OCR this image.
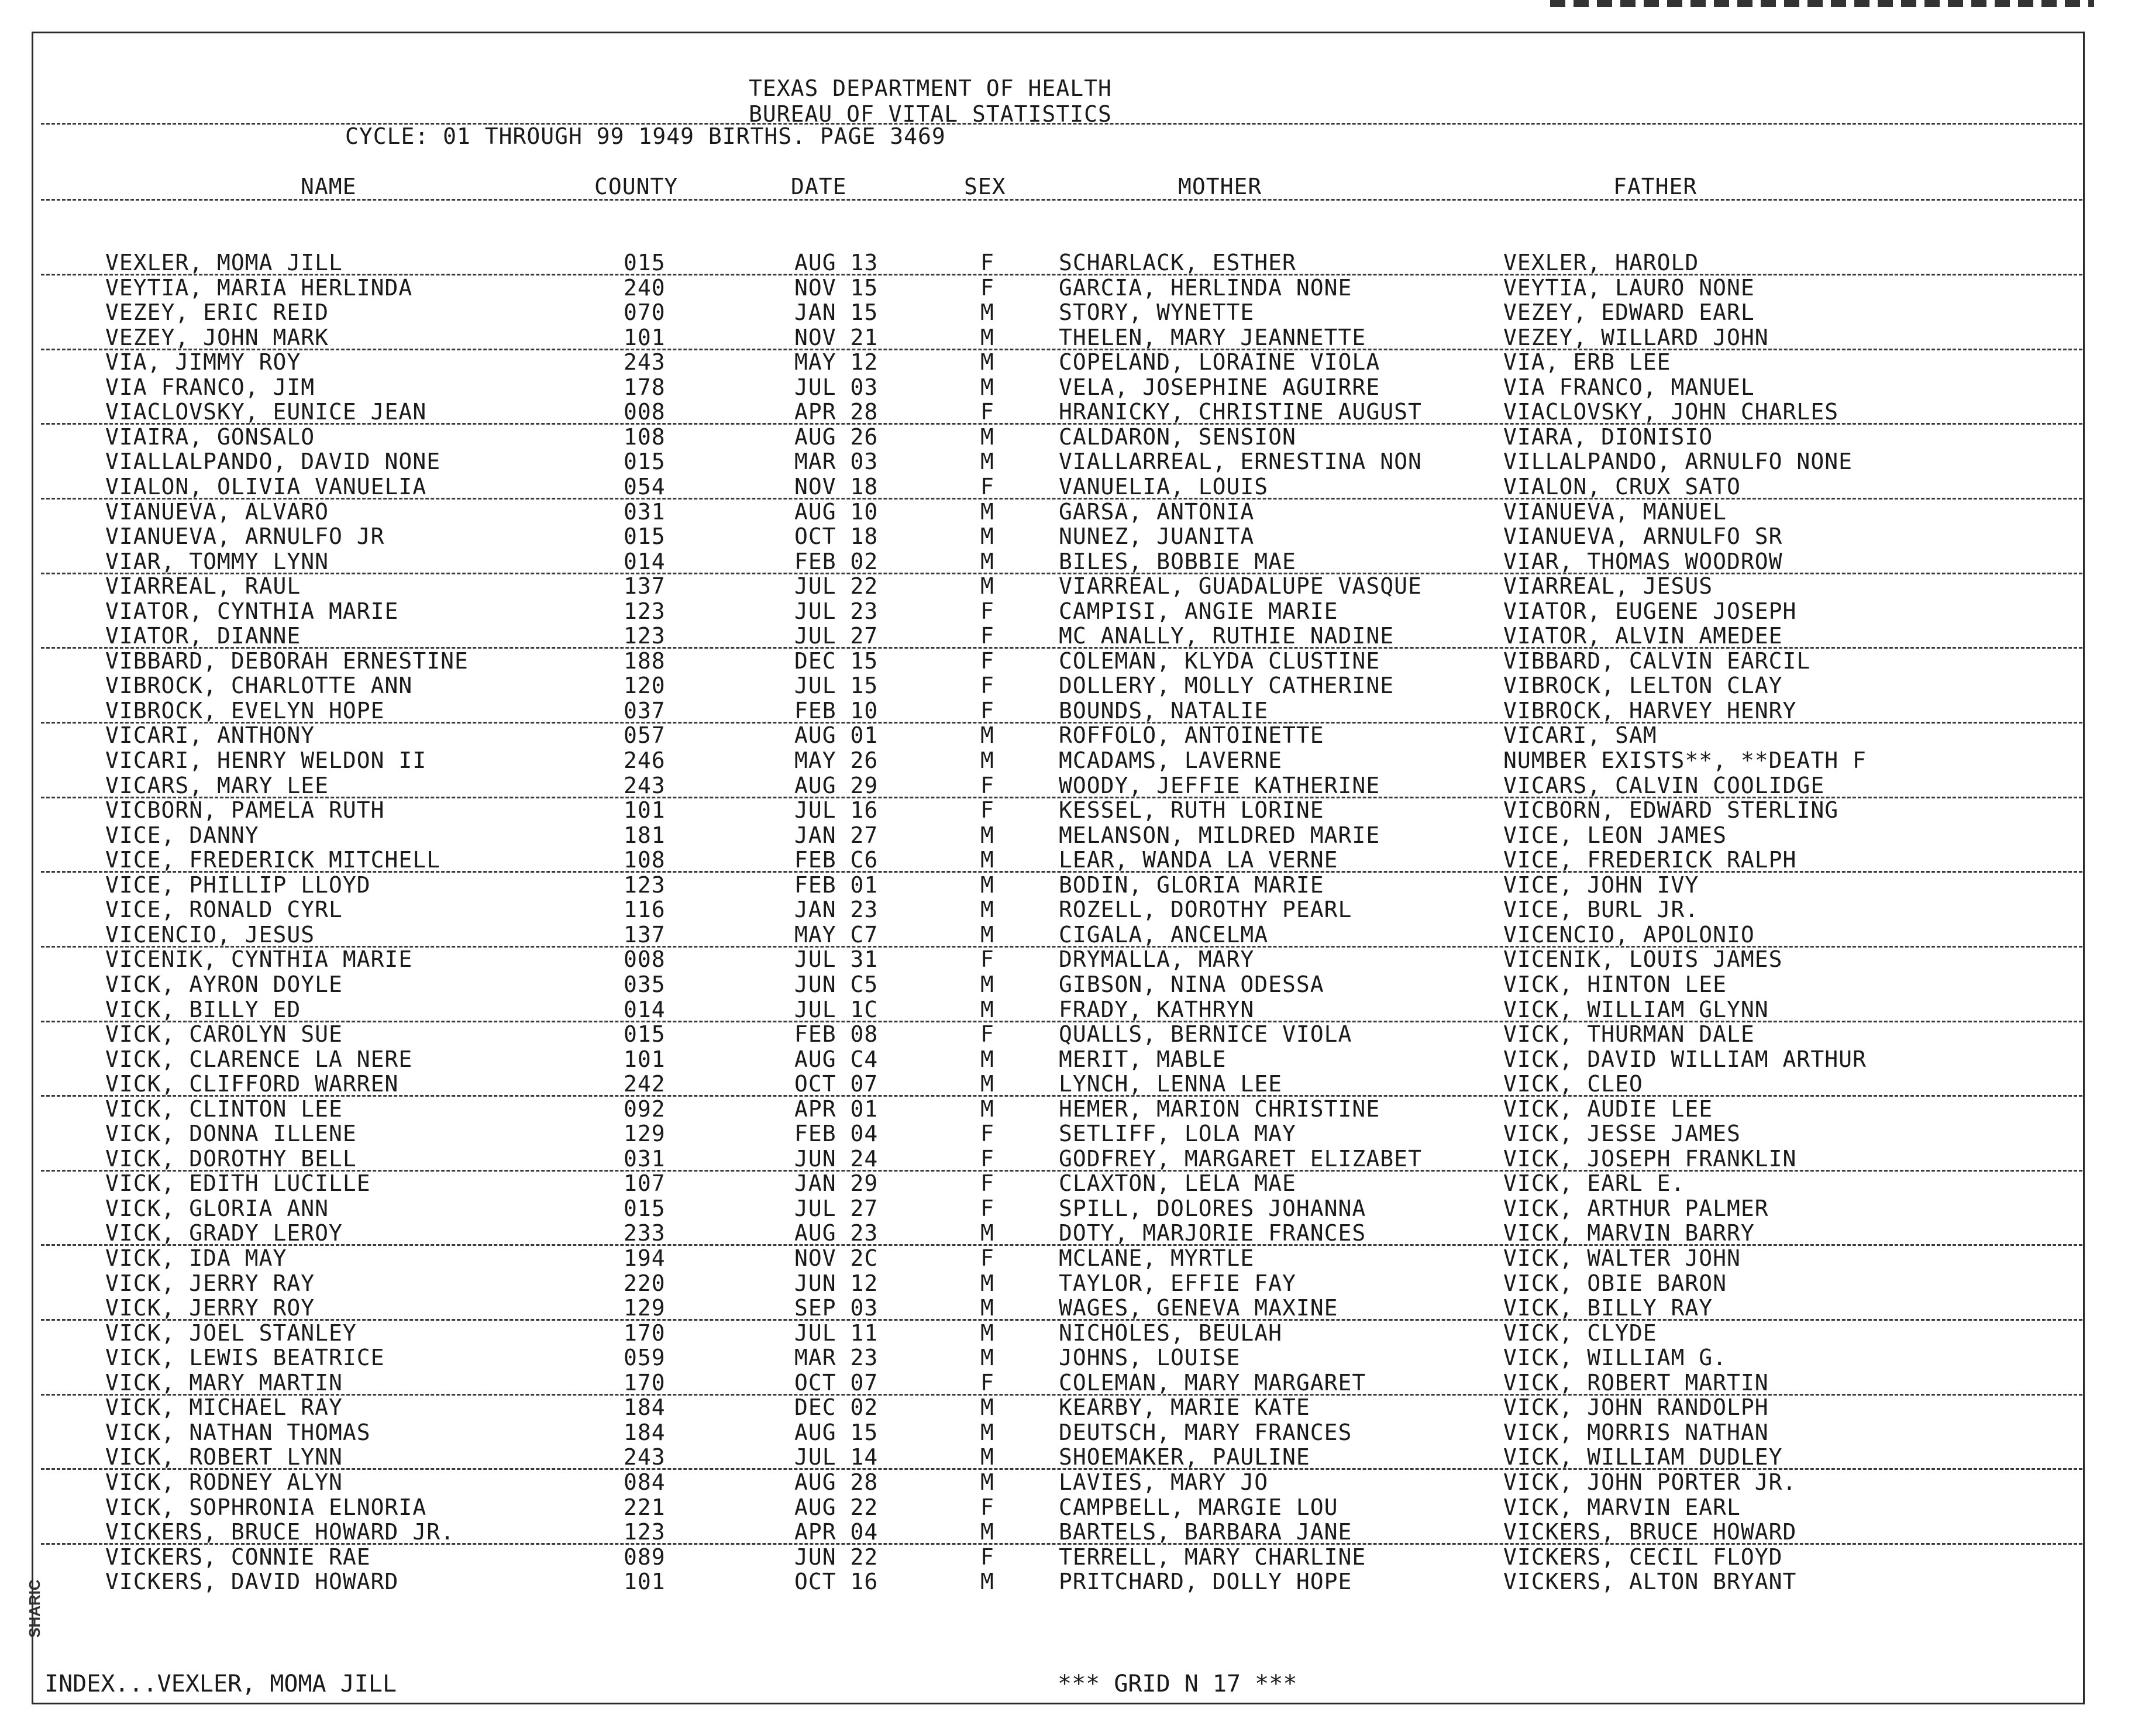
SHARIC
TEXAS DEPARTMENT OF HEALTH
BUREAU OF VITAL STATISTICS
CYCLE: 01 THROUGH 99 1949 BIRTHS. PAGE 3469
NAME	COUNTY	DATE	SEX	MOTHER	FATHER
VEXLER, MOMA JILL	015	AUG 13	F	SCHARLACK, ESTHER	VEXLER, HAROLD
VEYTIA, MARIA HERLINDA	240	NOV 15	F	GARCIA, HERLINDA NONE	VEYTIA, LAURO NONE
VEZEY, ERIC REID	070	JAN 15	M	STORY, WYNETTE	VEZEY, EDWARD EARL
VEZEY, JOHN MARK	101	NOV 21	M	THELEN, MARY JEANNETTE	VEZEY, WILLARD JOHN
VIA, JIMMY ROY	243	MAY 12	M	COPELAND, LORAINE VIOLA	VIA, ERB LEE
VIA FRANCO, JIM	178	JUL 03	M	VELA, JOSEPHINE AGUIRRE	VIA FRANCO, MANUEL
VIACLOVSKY, EUNICE JEAN	008	APR 28	F	HRANICKY, CHRISTINE AUGUST	VIACLOVSKY, JOHN CHARLES
VIAIRA, GONSALO	108	AUG 26	M	CALDARON, SENSION	VIARA, DIONISIO
VIALLALPANDO, DAVID NONE	015	MAR 03	M	VIALLARREAL, ERNESTINA NON	VILLALPANDO, ARNULFO NONE
VIALON, OLIVIA VANUELIA	054	NOV 18	F	VANUELIA, LOUIS	VIALON, CRUX SATO
VIANUEVA, ALVARO	031	AUG 10	M	GARSA, ANTONIA	VIANUEVA, MANUEL
VIANUEVA, ARNULFO JR	015	OCT 18	M	NUNEZ, JUANITA	VIANUEVA, ARNULFO SR
VIAR, TOMMY LYNN	014	FEB 02	M	BILES, BOBBIE MAE	VIAR, THOMAS WOODROW
VIARREAL, RAUL	137	JUL 22	M	VIARREAL, GUADALUPE VASQUE	VIARREAL, JESUS
VIATOR, CYNTHIA MARIE	123	JUL 23	F	CAMPISI, ANGIE MARIE	VIATOR, EUGENE JOSEPH
VIATOR, DIANNE	123	JUL 27	F	MC ANALLY, RUTHIE NADINE	VIATOR, ALVIN AMEDEE
VIBBARD, DEBORAH ERNESTINE	188	DEC 15	F	COLEMAN, KLYDA CLUSTINE	VIBBARD, CALVIN EARCIL
VIBROCK, CHARLOTTE ANN	120	JUL 15	F	DOLLERY, MOLLY CATHERINE	VIBROCK, LELTON CLAY
VIBROCK, EVELYN HOPE	037	FEB 10	F	BOUNDS, NATALIE	VIBROCK, HARVEY HENRY
VICARI, ANTHONY	057	AUG 01	M	ROFFOLO, ANTOINETTE	VICARI, SAM
VICARI, HENRY WELDON II	246	MAY 26	M	MCADAMS, LAVERNE	NUMBER EXISTS**, **DEATH F
VICARS, MARY LEE	243	AUG 29	F	WOODY, JEFFIE KATHERINE	VICARS, CALVIN COOLIDGE
VICBORN, PAMELA RUTH	101	JUL 16	F	KESSEL, RUTH LORINE	VICBORN, EDWARD STERLING
VICE, DANNY	181	JAN 27	M	MELANSON, MILDRED MARIE	VICE, LEON JAMES
VICE, FREDERICK MITCHELL	108	FEB C6	M	LEAR, WANDA LA VERNE	VICE, FREDERICK RALPH
VICE, PHILLIP LLOYD	123	FEB 01	M	BODIN, GLORIA MARIE	VICE, JOHN IVY
VICE, RONALD CYRL	116	JAN 23	M	ROZELL, DOROTHY PEARL	VICE, BURL JR.
VICENCIO, JESUS	137	MAY C7	M	CIGALA, ANCELMA	VICENCIO, APOLONIO
VICENIK, CYNTHIA MARIE	008	JUL 31	F	DRYMALLA, MARY	VICENIK, LOUIS JAMES
VICK, AYRON DOYLE	035	JUN C5	M	GIBSON, NINA ODESSA	VICK, HINTON LEE
VICK, BILLY ED	014	JUL 1C	M	FRADY, KATHRYN	VICK, WILLIAM GLYNN
VICK, CAROLYN SUE	015	FEB 08	F	QUALLS, BERNICE VIOLA	VICK, THURMAN DALE
VICK, CLARENCE LA NERE	101	AUG C4	M	MERIT, MABLE	VICK, DAVID WILLIAM ARTHUR
VICK, CLIFFORD WARREN	242	OCT 07	M	LYNCH, LENNA LEE	VICK, CLEO
VICK, CLINTON LEE	092	APR 01	M	HEMER, MARION CHRISTINE	VICK, AUDIE LEE
VICK, DONNA ILLENE	129	FEB 04	F	SETLIFF, LOLA MAY	VICK, JESSE JAMES
VICK, DOROTHY BELL	031	JUN 24	F	GODFREY, MARGARET ELIZABET	VICK, JOSEPH FRANKLIN
VICK, EDITH LUCILLE	107	JAN 29	F	CLAXTON, LELA MAE	VICK, EARL E.
VICK, GLORIA ANN	015	JUL 27	F	SPILL, DOLORES JOHANNA	VICK, ARTHUR PALMER
VICK, GRADY LEROY	233	AUG 23	M	DOTY, MARJORIE FRANCES	VICK, MARVIN BARRY
VICK, IDA MAY	194	NOV 2C	F	MCLANE, MYRTLE	VICK, WALTER JOHN
VICK, JERRY RAY	220	JUN 12	M	TAYLOR, EFFIE FAY	VICK, OBIE BARON
VICK, JERRY ROY	129	SEP 03	M	WAGES, GENEVA MAXINE	VICK, BILLY RAY
VICK, JOEL STANLEY	170	JUL 11	M	NICHOLES, BEULAH	VICK, CLYDE
VICK, LEWIS BEATRICE	059	MAR 23	M	JOHNS, LOUISE	VICK, WILLIAM G.
VICK, MARY MARTIN	170	OCT 07	F	COLEMAN, MARY MARGARET	VICK, ROBERT MARTIN
VICK, MICHAEL RAY	184	DEC 02	M	KEARBY, MARIE KATE	VICK, JOHN RANDOLPH
VICK, NATHAN THOMAS	184	AUG 15	M	DEUTSCH, MARY FRANCES	VICK, MORRIS NATHAN
VICK, ROBERT LYNN	243	JUL 14	M	SHOEMAKER, PAULINE	VICK, WILLIAM DUDLEY
VICK, RODNEY ALYN	084	AUG 28	M	LAVIES, MARY JO	VICK, JOHN PORTER JR.
VICK, SOPHRONIA ELNORIA	221	AUG 22	F	CAMPBELL, MARGIE LOU	VICK, MARVIN EARL
VICKERS, BRUCE HOWARD JR.	123	APR 04	M	BARTELS, BARBARA JANE	VICKERS, BRUCE HOWARD
VICKERS, CONNIE RAE	089	JUN 22	F	TERRELL, MARY CHARLINE	VICKERS, CECIL FLOYD
VICKERS, DAVID HOWARD	101	OCT 16	M	PRITCHARD, DOLLY HOPE	VICKERS, ALTON BRYANT
INDEX...VEXLER, MOMA JILL	*** GRID N 17 ***
